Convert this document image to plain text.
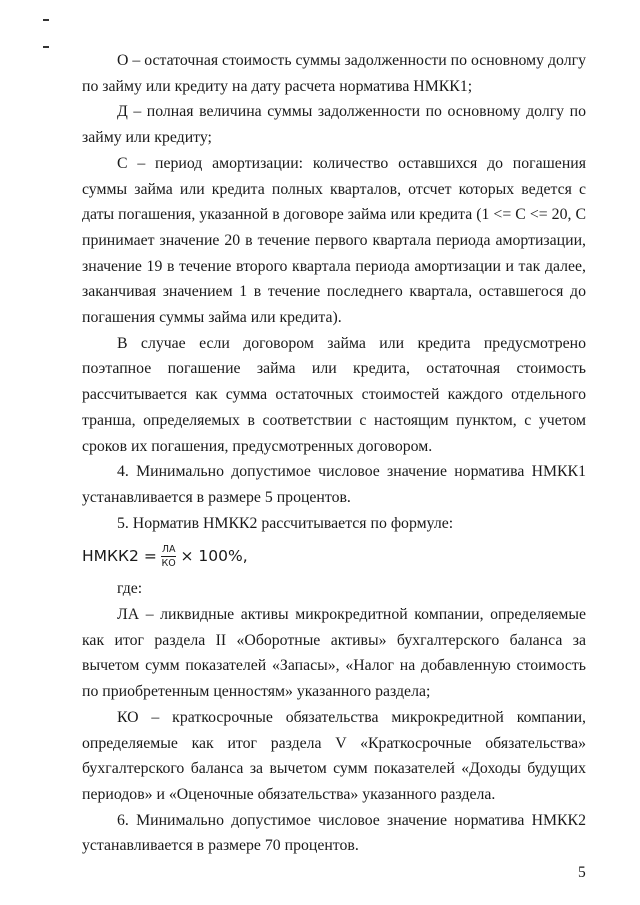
О – остаточная стоимость суммы задолженности по основному долгу по займу или кредиту на дату расчета норматива НМКК1;

Д – полная величина суммы задолженности по основному долгу по займу или кредиту;

С – период амортизации: количество оставшихся до погашения суммы займа или кредита полных кварталов, отсчет которых ведется с даты погашения, указанной в договоре займа или кредита (1 <= С <= 20, С принимает значение 20 в течение первого квартала периода амортизации, значение 19 в течение второго квартала периода амортизации и так далее, заканчивая значением 1 в течение последнего квартала, оставшегося до погашения суммы займа или кредита).

В случае если договором займа или кредита предусмотрено поэтапное погашение займа или кредита, остаточная стоимость рассчитывается как сумма остаточных стоимостей каждого отдельного транша, определяемых в соответствии с настоящим пунктом, с учетом сроков их погашения, предусмотренных договором.

4. Минимально допустимое числовое значение норматива НМКК1 устанавливается в размере 5 процентов.

5. Норматив НМКК2 рассчитывается по формуле:

НМКК2 = $\frac{ЛА}{КО} \times 100\%$,

где:

ЛА – ликвидные активы микрокредитной компании, определяемые как итог раздела II «Оборотные активы» бухгалтерского баланса за вычетом сумм показателей «Запасы», «Налог на добавленную стоимость по приобретенным ценностям» указанного раздела;

КО – краткосрочные обязательства микрокредитной компании, определяемые как итог раздела V «Краткосрочные обязательства» бухгалтерского баланса за вычетом сумм показателей «Доходы будущих периодов» и «Оценочные обязательства» указанного раздела.

6. Минимально допустимое числовое значение норматива НМКК2 устанавливается в размере 70 процентов.

5
